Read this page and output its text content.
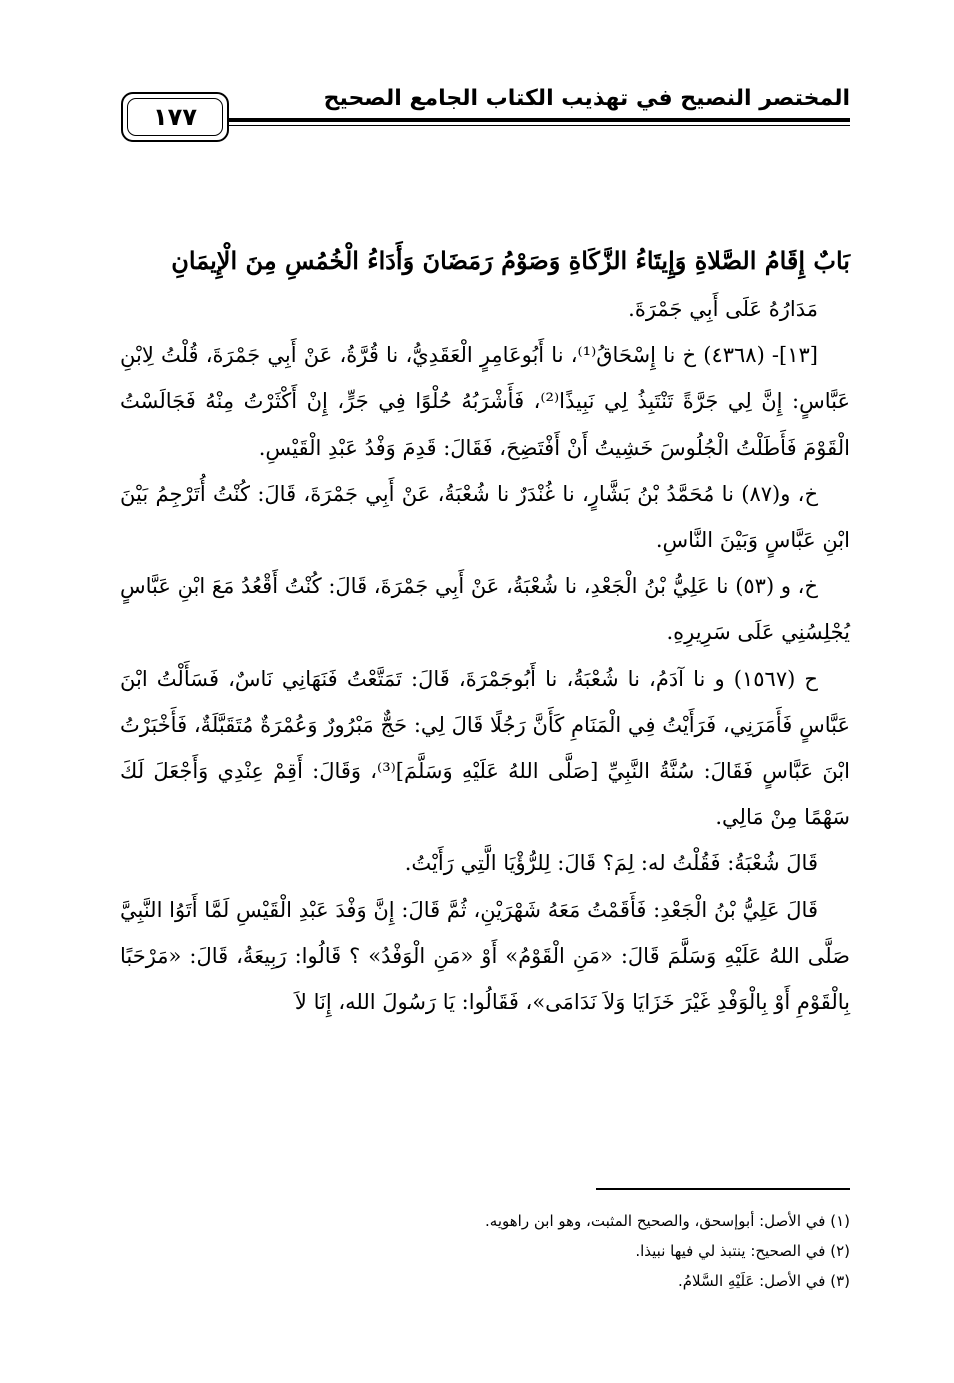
١٧٧
المختصر النصيح في تهذيب الكتاب الجامع الصحيح

بَابٌ إِقَامُ الصَّلاةِ وَإِيتَاءُ الزَّكَاةِ وَصَوْمُ رَمَضَانَ وَأَدَاءُ الْخُمُسِ مِنَ الْإِيمَانِ

مَدَارُهُ عَلَى أَبِي جَمْرَةَ.

[١٣]- (٤٣٦٨) خ نا إِسْحَاقُ⁽¹⁾، نا أَبُوعَامِرٍ الْعَقَدِيُّ، نا قُرَّةُ، عَنْ أَبِي جَمْرَةَ، قُلْتُ لِابْنِ عَبَّاسٍ: إِنَّ لِي جَرَّةً تَنْتَبِذُ لِي نَبِيذًا⁽²⁾، فَأَشْرَبُهُ حُلْوًا فِي جَرٍّ، إِنْ أَكْثَرْتُ مِنْهُ فَجَالَسْتُ الْقَوْمَ فَأَطَلْتُ الْجُلُوسَ خَشِيتُ أَنْ أَفْتَضِحَ، فَقَالَ: قَدِمَ وَفْدُ عَبْدِ الْقَيْسِ.

خ، و(٨٧) نا مُحَمَّدُ بْنُ بَشَّارٍ، نا غُنْدَرٌ نا شُعْبَةُ، عَنْ أَبِي جَمْرَةَ، قَالَ: كُنْتُ أُتَرْجِمُ بَيْنَ ابْنِ عَبَّاسٍ وَبَيْنَ النَّاسِ.

خ، و (٥٣) نا عَلِيُّ بْنُ الْجَعْدِ، نا شُعْبَةُ، عَنْ أَبِي جَمْرَةَ، قَالَ: كُنْتُ أَقْعُدُ مَعَ ابْنِ عَبَّاسٍ يُجْلِسُنِي عَلَى سَرِيرِهِ.

ح (١٥٦٧) و نا آدَمُ، نا شُعْبَةُ، نا أَبُوجَمْرَةَ، قَالَ: تَمَتَّعْتُ فَنَهَانِي نَاسٌ، فَسَأَلْتُ ابْنَ عَبَّاسٍ فَأَمَرَنِي، فَرَأَيْتُ فِي الْمَنَامِ كَأَنَّ رَجُلًا قَالَ لِي: حَجٌّ مَبْرُورٌ وَعُمْرَةٌ مُتَقَبَّلَةٌ، فَأَخْبَرْتُ ابْنَ عَبَّاسٍ فَقَالَ: سُنَّةُ النَّبِيِّ [صَلَّى اللهُ عَلَيْهِ وَسَلَّمَ]⁽³⁾، وَقَالَ: أَقِمْ عِنْدِي وَأَجْعَلَ لَكَ سَهْمًا مِنْ مَالِي.

قَالَ شُعْبَةُ: فَقُلْتُ له: لِمَ؟ قَالَ: لِلرُّؤْيَا الَّتِي رَأَيْتُ.

قَالَ عَلِيُّ بْنُ الْجَعْدِ: فَأَقَمْتُ مَعَهُ شَهْرَيْنِ، ثُمَّ قَالَ: إِنَّ وَفْدَ عَبْدِ الْقَيْسِ لَمَّا أَتَوُا النَّبِيَّ صَلَّى اللهُ عَلَيْهِ وَسَلَّمَ قَالَ: «مَنِ الْقَوْمُ» أَوْ «مَنِ الْوَفْدُ» ؟ قَالُوا: رَبِيعَةُ، قَالَ: «مَرْحَبًا بِالْقَوْمِ أَوْ بِالْوَفْدِ غَيْرَ خَزَايَا وَلاَ نَدَامَى»، فَقَالُوا: يَا رَسُولَ الله، إِنَا لاَ

(١) في الأصل: أبوإسحق، والصحيح المثبت، وهو ابن راهويه.

(٢) في الصحيح: ينتبذ لي فيها نبيذا.

(٣) في الأصل: عَلَيْهِ السَّلامُ.
